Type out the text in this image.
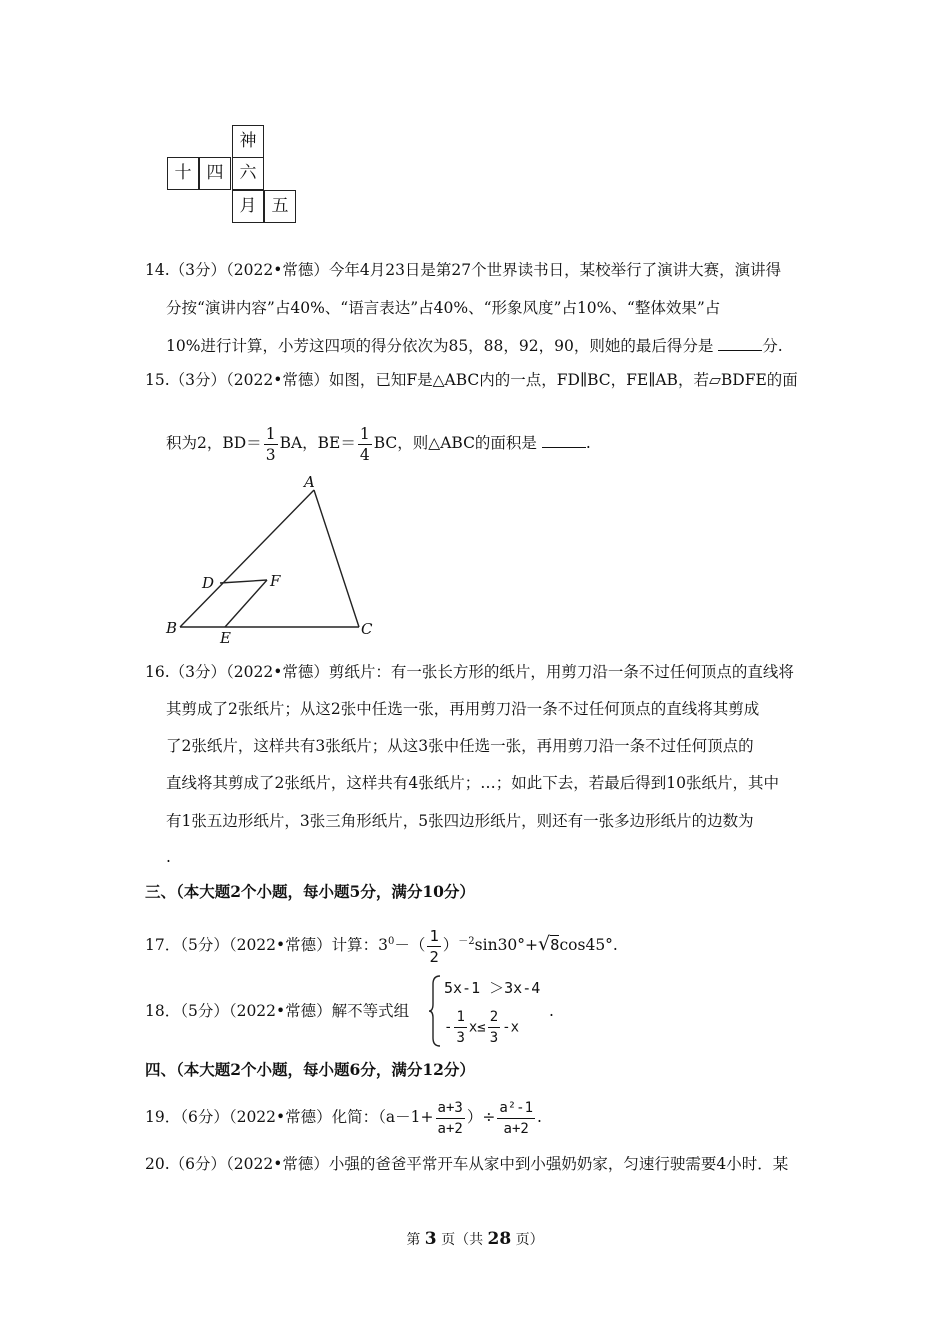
神
十 四 六
月 五
14.（3分）（2022•常德）今年4月23日是第27个世界读书日，某校举行了演讲大赛，演讲得
分按“演讲内容”占40%、“语言表达”占40%、“形象风度”占10%、“整体效果”占
10%进行计算，小芳这四项的得分依次为85，88，92，90，则她的最后得分是	分.
15.（3分）（2022•常德）如图，已知F是△ABC内的一点，FD∥BC，FE∥AB，若▱BDFE的面
积为2，$BD= \frac{1}{3}$ BA，$BE= \frac{1}{4}$ BC，则△ABC的面积是	.
A
B	C
D
E
F
16.（3分）（2022•常德）剪纸片：有一张长方形的纸片，用剪刀沿一条不过任何顶点的直线将
其剪成了2张纸片；从这2张中任选一张，再用剪刀沿一条不过任何顶点的直线将其剪成
了2张纸片，这样共有3张纸片；从这3张中任选一张，再用剪刀沿一条不过任何顶点的
直线将其剪成了2张纸片，这样共有4张纸片；…；如此下去，若最后得到10张纸片，其中
有1张五边形纸片，3张三角形纸片，5张四边形纸片，则还有一张多边形纸片的边数为
.
三、（本大题2个小题，每小题5分，满分10分）
17．（5分）（2022•常德）计算：$3^0-( \frac{1}{2} )^{-2}\sin 30^\circ+√8\cos 45^\circ$.
18．（5分）（2022•常德）解不等式组
5x-1 ＞3x-4
- $\frac{1}{3} x\le \frac{2}{3} -x$
.
四、（本大题2个小题，每小题6分，满分12分）
19．（6分）（2022•常德）化简：（$a-1+ \frac{a+3}{a+2}$ ）÷ $\frac{\text{a²-1}}{a+2}$ .
20.（6分）（2022•常德）小强的爸爸平常开车从家中到小强奶奶家，匀速行驶需要4小时．某
第 3 页（共 28 页）
